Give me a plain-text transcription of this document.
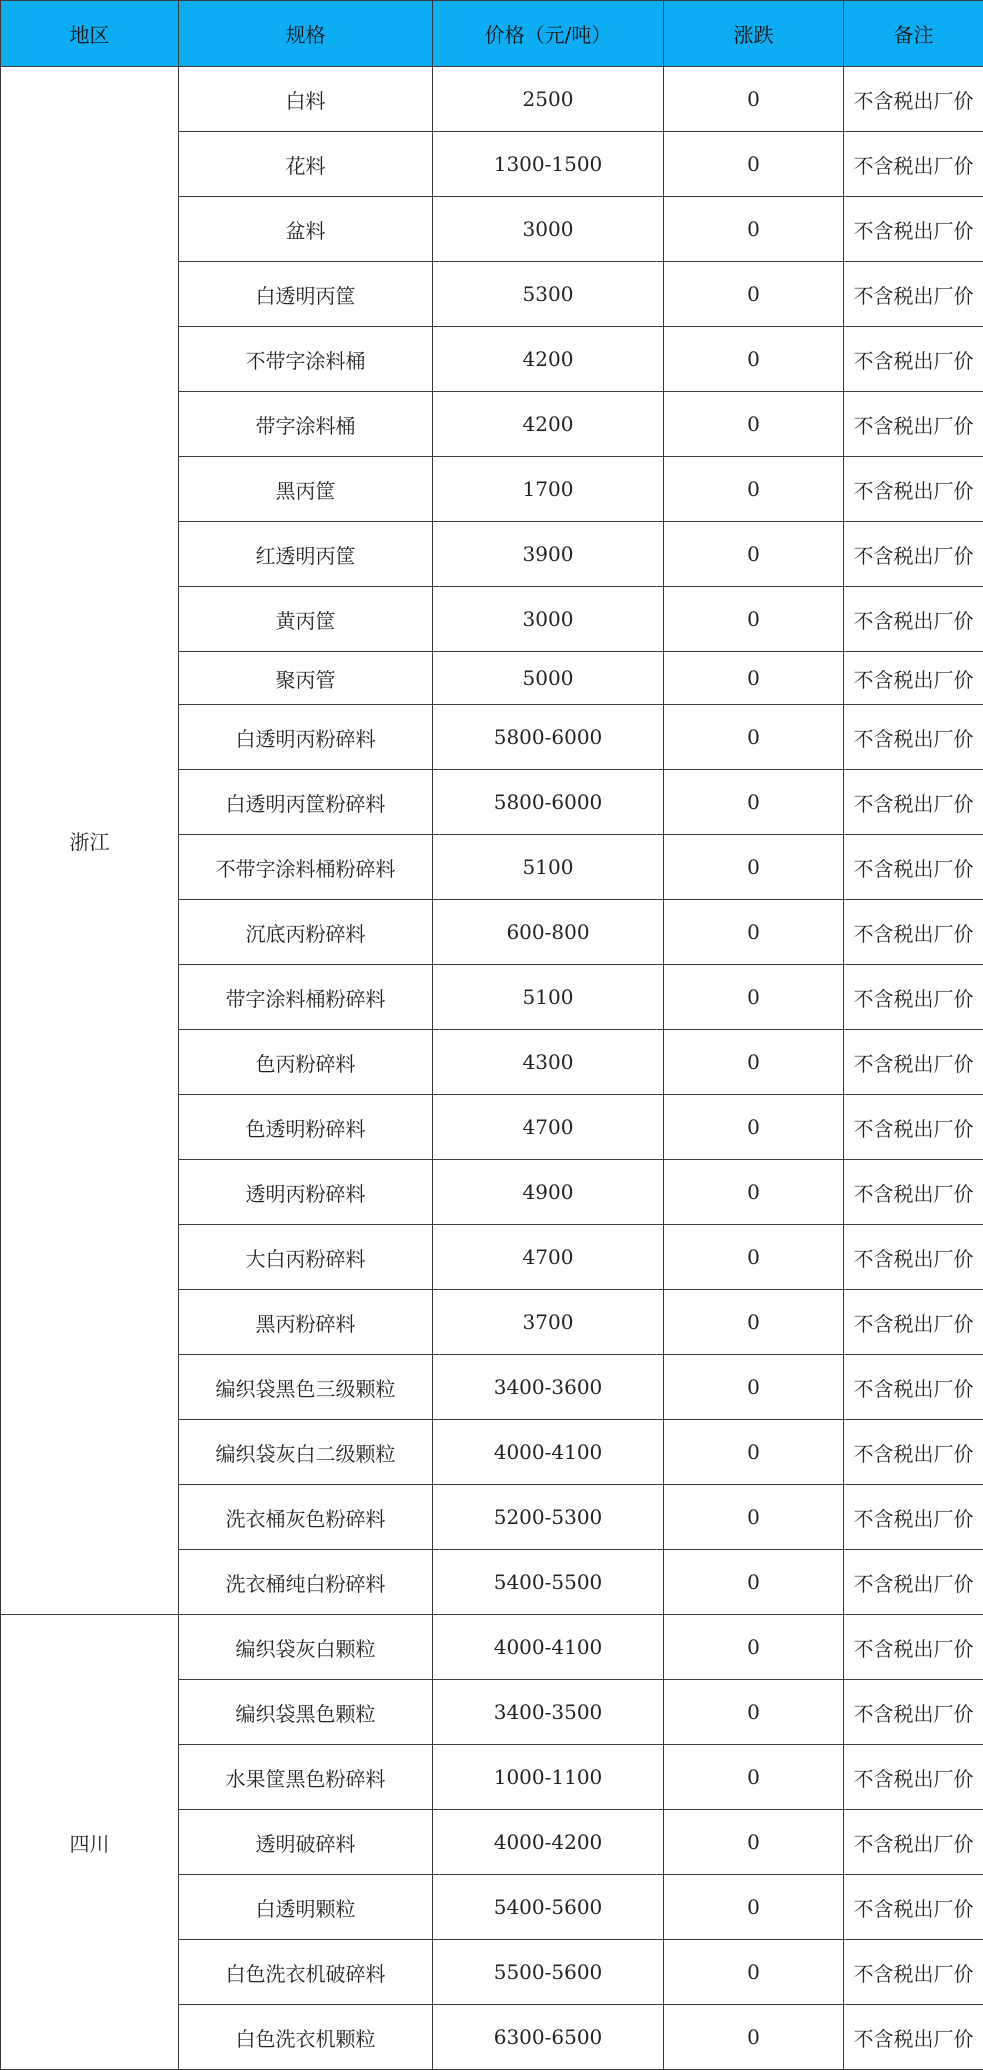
地区	规格	价格（元/吨）	涨跌	备注
浙江	白料	2500	0	不含税出厂价
	花料	1300-1500	0	不含税出厂价
	盆料	3000	0	不含税出厂价
	白透明丙筐	5300	0	不含税出厂价
	不带字涂料桶	4200	0	不含税出厂价
	带字涂料桶	4200	0	不含税出厂价
	黑丙筐	1700	0	不含税出厂价
	红透明丙筐	3900	0	不含税出厂价
	黄丙筐	3000	0	不含税出厂价
	聚丙管	5000	0	不含税出厂价
	白透明丙粉碎料	5800-6000	0	不含税出厂价
	白透明丙筐粉碎料	5800-6000	0	不含税出厂价
	不带字涂料桶粉碎料	5100	0	不含税出厂价
	沉底丙粉碎料	600-800	0	不含税出厂价
	带字涂料桶粉碎料	5100	0	不含税出厂价
	色丙粉碎料	4300	0	不含税出厂价
	色透明粉碎料	4700	0	不含税出厂价
	透明丙粉碎料	4900	0	不含税出厂价
	大白丙粉碎料	4700	0	不含税出厂价
	黑丙粉碎料	3700	0	不含税出厂价
	编织袋黑色三级颗粒	3400-3600	0	不含税出厂价
	编织袋灰白二级颗粒	4000-4100	0	不含税出厂价
	洗衣桶灰色粉碎料	5200-5300	0	不含税出厂价
	洗衣桶纯白粉碎料	5400-5500	0	不含税出厂价
四川	编织袋灰白颗粒	4000-4100	0	不含税出厂价
	编织袋黑色颗粒	3400-3500	0	不含税出厂价
	水果筐黑色粉碎料	1000-1100	0	不含税出厂价
	透明破碎料	4000-4200	0	不含税出厂价
	白透明颗粒	5400-5600	0	不含税出厂价
	白色洗衣机破碎料	5500-5600	0	不含税出厂价
	白色洗衣机颗粒	6300-6500	0	不含税出厂价
